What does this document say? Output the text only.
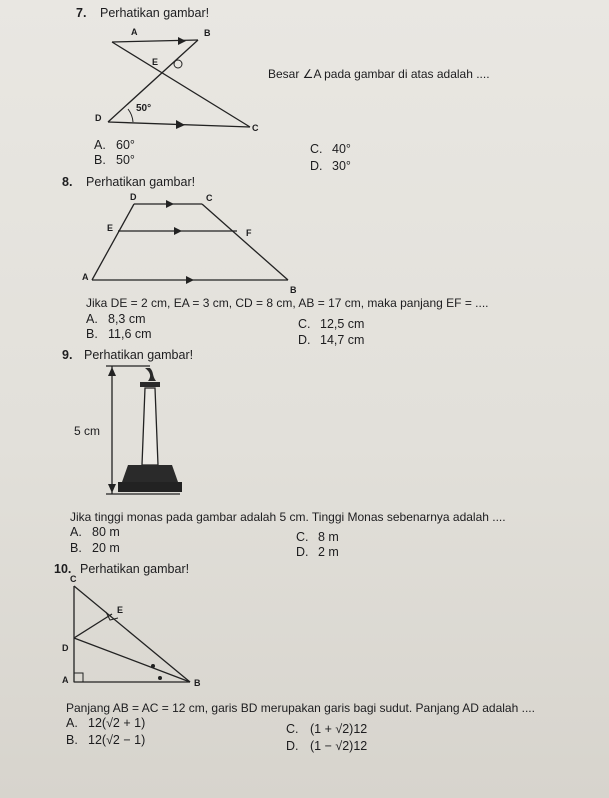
7. Perhatikan gambar!
A	B
E
D
C
50°
Besar ∠A pada gambar di atas adalah ....
A. 60°
B. 50°
C. 40°
D. 30°
8. Perhatikan gambar!
D	C
E	F
A
B
Jika DE = 2 cm, EA = 3 cm, CD = 8 cm, AB = 17 cm, maka panjang EF = ....
A. 8,3 cm
B. 11,6 cm
C. 12,5 cm
D. 14,7 cm
9. Perhatikan gambar!
5 cm
Jika tinggi monas pada gambar adalah 5 cm. Tinggi Monas sebenarnya adalah ....
A. 80 m
B. 20 m
C. 8 m
D. 2 m
10. Perhatikan gambar!
C
E
D
A	B
Panjang AB = AC = 12 cm, garis BD merupakan garis bagi sudut. Panjang AD adalah ....
A. 12(√2 + 1)
B. 12(√2 − 1)
C. (1 + √2)12
D. (1 − √2)12
